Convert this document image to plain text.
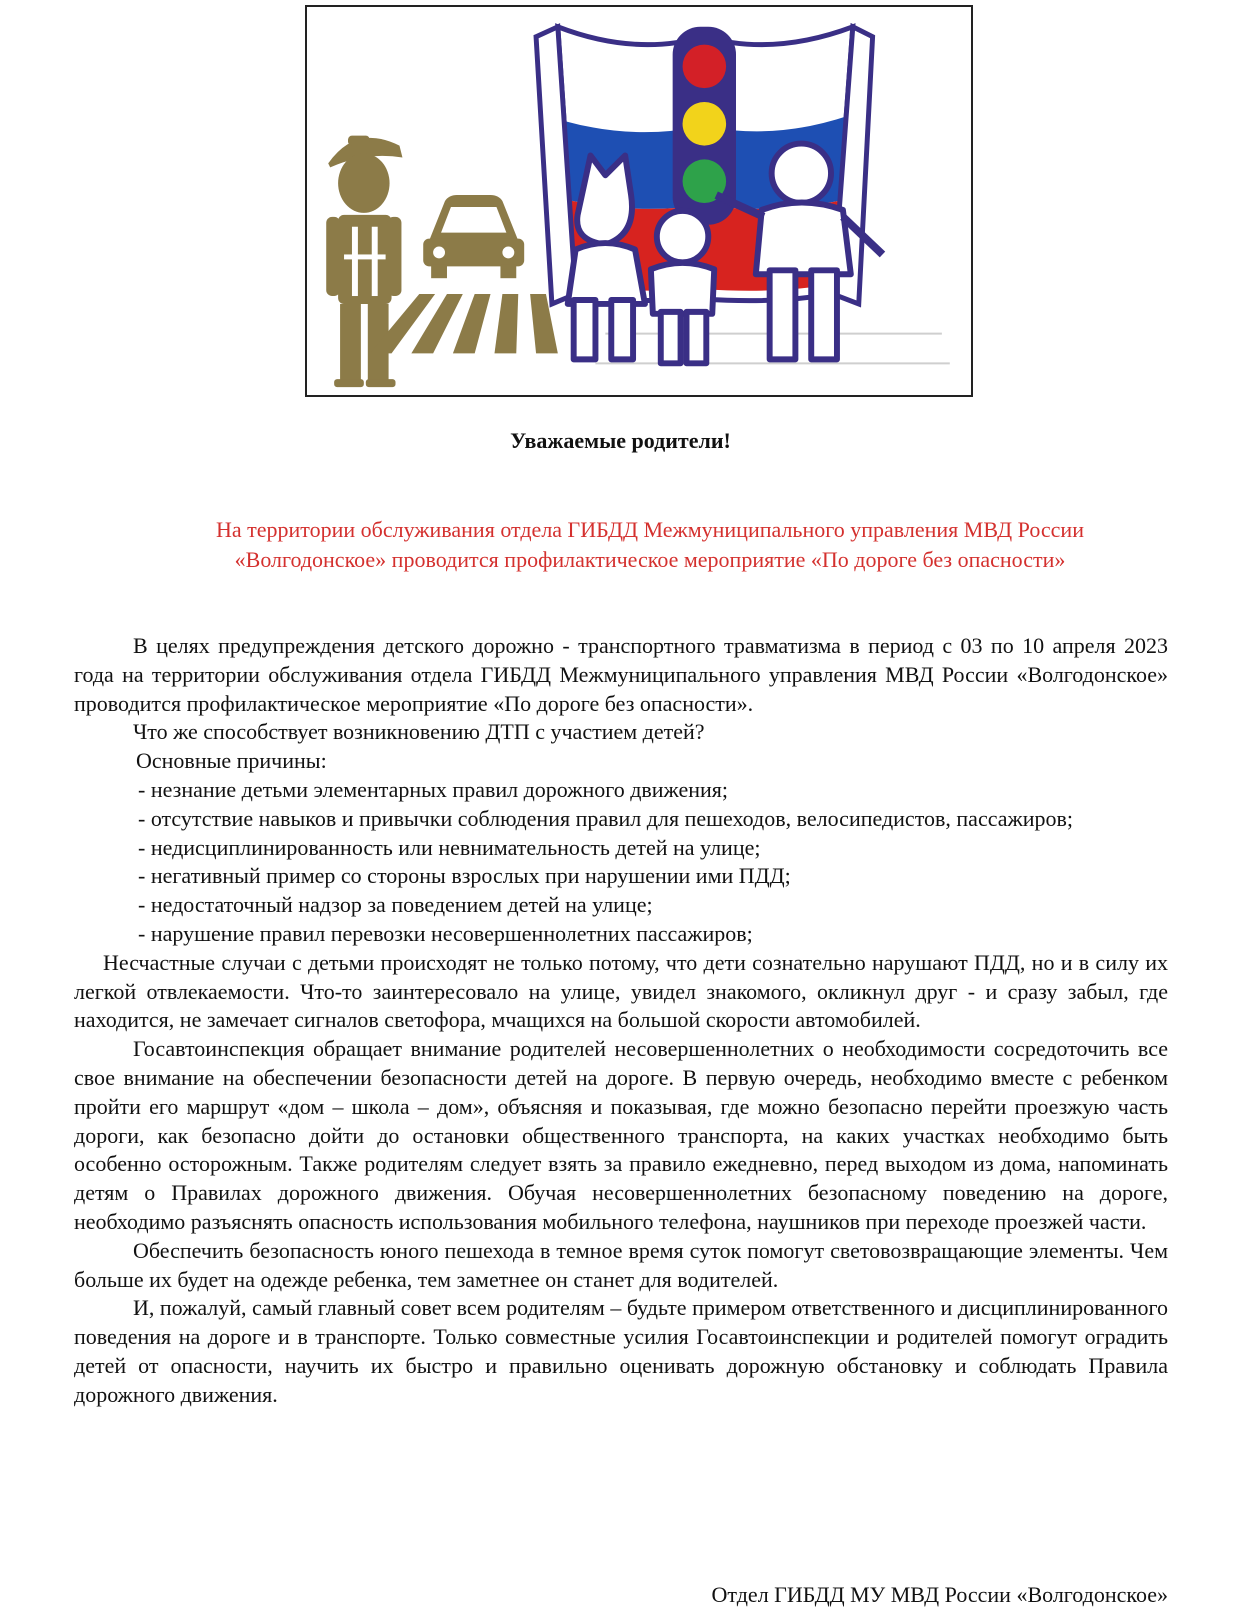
Уважаемые родители!
На территории обслуживания отдела ГИБДД Межмуниципального управления МВД России
«Волгодонское» проводится профилактическое мероприятие «По дороге без опасности»

В целях предупреждения детского дорожно - транспортного травматизма в период с 03 по 10 апреля 2023 года на территории обслуживания отдела ГИБДД Межмуниципального управления МВД России «Волгодонское» проводится профилактическое мероприятие «По дороге без опасности».

Что же способствует возникновению ДТП с участием детей?

Основные причины:

- незнание детьми элементарных правил дорожного движения;

- отсутствие навыков и привычки соблюдения правил для пешеходов, велосипедистов, пассажиров;

- недисциплинированность или невнимательность детей на улице;

- негативный пример со стороны взрослых при нарушении ими ПДД;

- недостаточный надзор за поведением детей на улице;

- нарушение правил перевозки несовершеннолетних пассажиров;

Несчастные случаи с детьми происходят не только потому, что дети сознательно нарушают ПДД, но и в силу их легкой отвлекаемости. Что-то заинтересовало на улице, увидел знакомого, окликнул друг - и сразу забыл, где находится, не замечает сигналов светофора, мчащихся на большой скорости автомобилей.

Госавтоинспекция обращает внимание родителей несовершеннолетних о необходимости сосредоточить все свое внимание на обеспечении безопасности детей на дороге. В первую очередь, необходимо вместе с ребенком пройти его маршрут «дом – школа – дом», объясняя и показывая, где можно безопасно перейти проезжую часть дороги, как безопасно дойти до остановки общественного транспорта, на каких участках необходимо быть особенно осторожным. Также родителям следует взять за правило ежедневно, перед выходом из дома, напоминать детям о Правилах дорожного движения. Обучая несовершеннолетних безопасному поведению на дороге, необходимо разъяснять опасность использования мобильного телефона, наушников при переходе проезжей части.

Обеспечить безопасность юного пешехода в темное время суток помогут световозвращающие элементы. Чем больше их будет на одежде ребенка, тем заметнее он станет для водителей.

И, пожалуй, самый главный совет всем родителям – будьте примером ответственного и дисциплинированного поведения на дороге и в транспорте. Только совместные усилия Госавтоинспекции и родителей помогут оградить детей от опасности, научить их быстро и правильно оценивать дорожную обстановку и соблюдать Правила дорожного движения.

Отдел ГИБДД МУ МВД России «Волгодонское»
